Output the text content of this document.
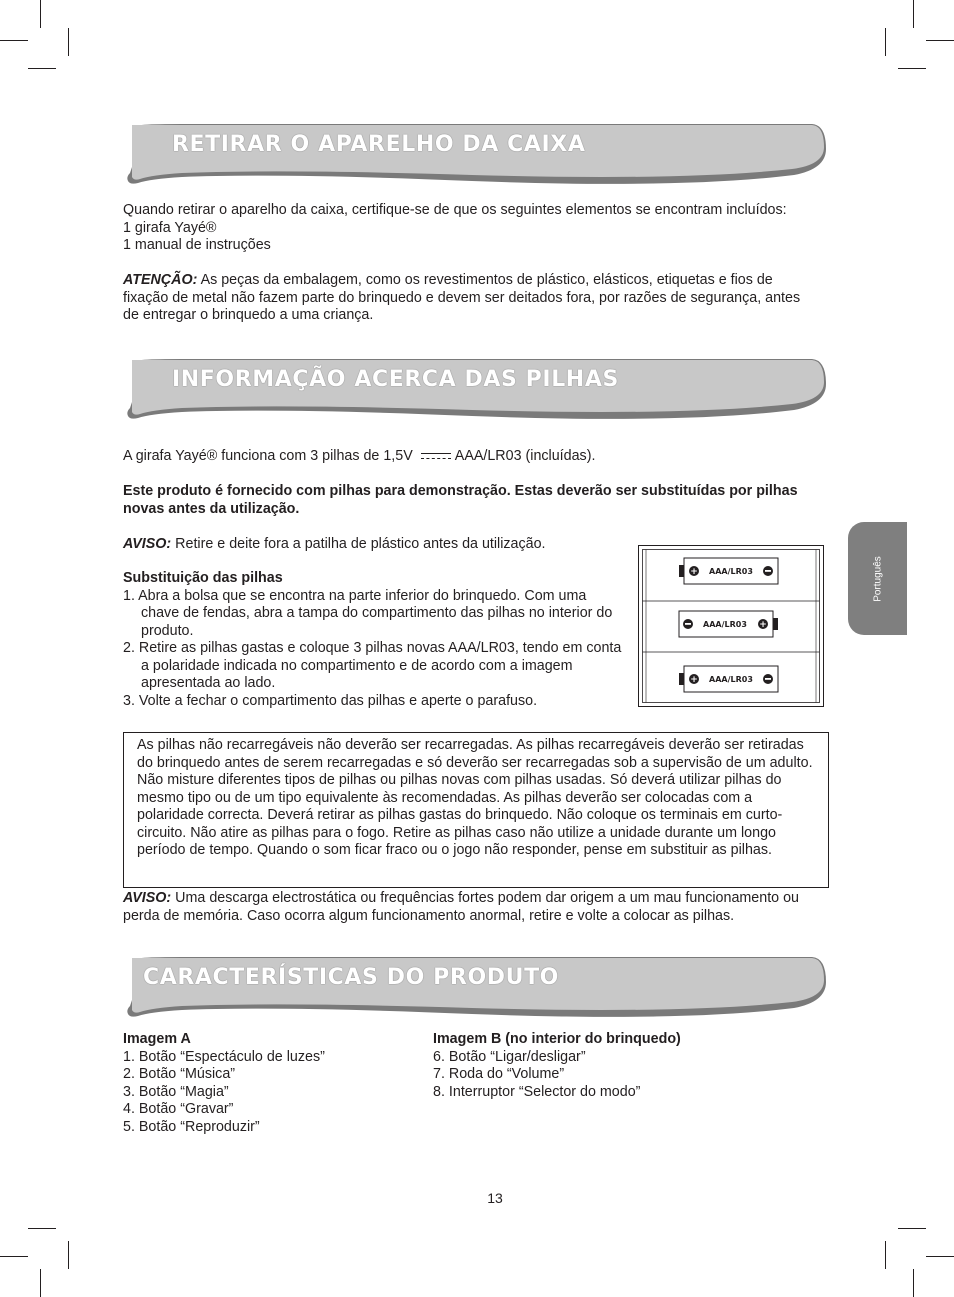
RETIRAR O APARELHO DA CAIXA

Quando retirar o aparelho da caixa, certifique-se de que os seguintes elementos se encontram incluídos:

1 girafa Yayé®

1 manual de instruções

ATENÇÃO: As peças da embalagem, como os revestimentos de plástico, elásticos, etiquetas e fios de fixação de metal não fazem parte do brinquedo e devem ser deitados fora, por razões de segurança, antes de entregar o brinquedo a uma criança.

INFORMAÇÃO ACERCA DAS PILHAS

A girafa Yayé® funciona com 3 pilhas de 1,5V	AAA/LR03 (incluídas).

Este produto é fornecido com pilhas para demonstração. Estas deverão ser substituídas por pilhas novas antes da utilização.

AVISO: Retire e deite fora a patilha de plástico antes da utilização.

Substituição das pilhas

1. Abra a bolsa que se encontra na parte inferior do brinquedo. Com uma chave de fendas, abra a tampa do compartimento das pilhas no interior do produto.
2. Retire as pilhas gastas e coloque 3 pilhas novas AAA/LR03, tendo em conta a polaridade indicada no compartimento e de acordo com a imagem apresentada ao lado.
3. Volte a fechar o compartimento das pilhas e aperte o parafuso.
+ AAA/LR03
+
AAA/LR03
+ AAA/LR03

As pilhas não recarregáveis não deverão ser recarregadas. As pilhas recarregáveis deverão ser retiradas do brinquedo antes de serem recarregadas e só deverão ser recarregadas sob a supervisão de um adulto. Não misture diferentes tipos de pilhas ou pilhas novas com pilhas usadas. Só deverá utilizar pilhas do mesmo tipo ou de um tipo equivalente às recomendadas. As pilhas deverão ser colocadas com a polaridade correcta. Deverá retirar as pilhas gastas do brinquedo. Não coloque os terminais em curto-circuito. Não atire as pilhas para o fogo. Retire as pilhas caso não utilize a unidade durante um longo período de tempo. Quando o som ficar fraco ou o jogo não responder, pense em substituir as pilhas.

AVISO: Uma descarga electrostática ou frequências fortes podem dar origem a um mau funcionamento ou perda de memória. Caso ocorra algum funcionamento anormal, retire e volte a colocar as pilhas.

CARACTERÍSTICAS DO PRODUTO

Imagem A

1. Botão “Espectáculo de luzes”
2. Botão “Música”
3. Botão “Magia”
4. Botão “Gravar”
5. Botão “Reproduzir”

Imagem B (no interior do brinquedo)

6. Botão “Ligar/desligar”
7. Roda do “Volume”
8. Interruptor “Selector do modo”
13
Português
